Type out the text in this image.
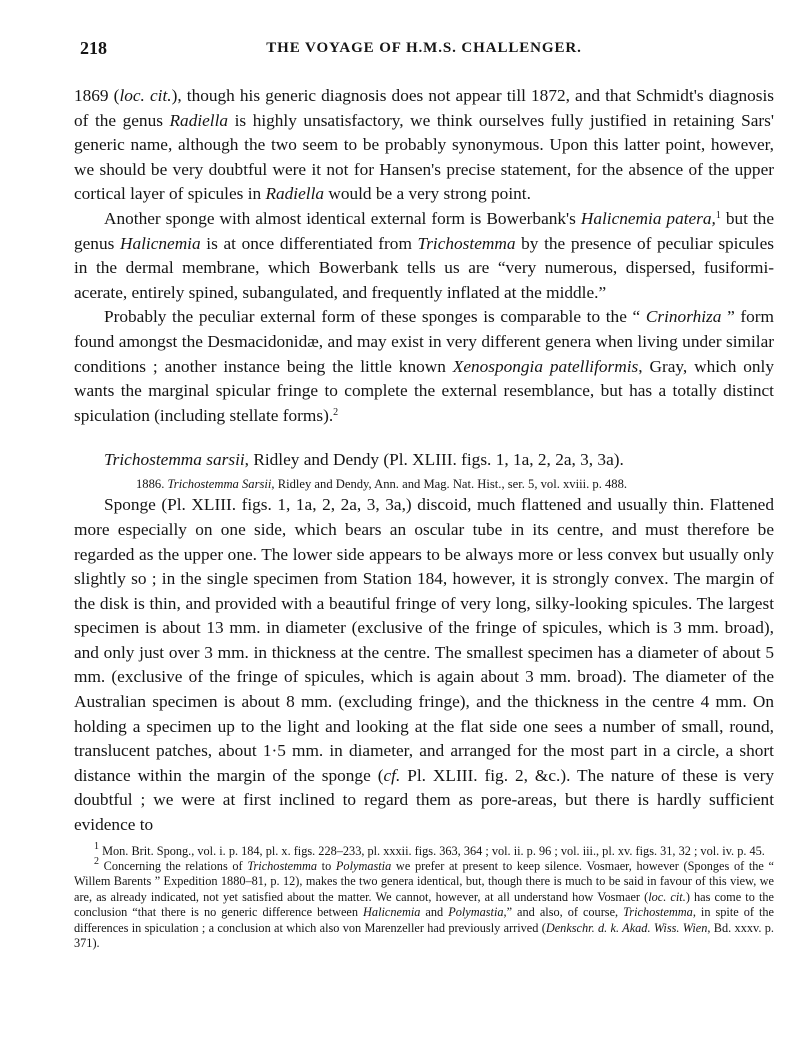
218	THE VOYAGE OF H.M.S. CHALLENGER.

1869 (loc. cit.), though his generic diagnosis does not appear till 1872, and that Schmidt's diagnosis of the genus Radiella is highly unsatisfactory, we think ourselves fully justified in retaining Sars' generic name, although the two seem to be probably synonymous. Upon this latter point, however, we should be very doubtful were it not for Hansen's precise statement, for the absence of the upper cortical layer of spicules in Radiella would be a very strong point.

Another sponge with almost identical external form is Bowerbank's Halicnemia patera,$^1$ but the genus Halicnemia is at once differentiated from Trichostemma by the presence of peculiar spicules in the dermal membrane, which Bowerbank tells us are “very numerous, dispersed, fusiformi-acerate, entirely spined, subangulated, and frequently inflated at the middle.”

Probably the peculiar external form of these sponges is comparable to the “ Crinorhiza ” form found amongst the Desmacidonidæ, and may exist in very different genera when living under similar conditions ; another instance being the little known Xenospongia patelliformis, Gray, which only wants the marginal spicular fringe to complete the external resemblance, but has a totally distinct spiculation (including stellate forms).$^2$

Trichostemma sarsii, Ridley and Dendy (Pl. XLIII. figs. 1, 1a, 2, 2a, 3, 3a).
1886. Trichostemma Sarsii, Ridley and Dendy, Ann. and Mag. Nat. Hist., ser. 5, vol. xviii. p. 488.

Sponge (Pl. XLIII. figs. 1, 1a, 2, 2a, 3, 3a,) discoid, much flattened and usually thin. Flattened more especially on one side, which bears an oscular tube in its centre, and must therefore be regarded as the upper one. The lower side appears to be always more or less convex but usually only slightly so ; in the single specimen from Station 184, however, it is strongly convex. The margin of the disk is thin, and provided with a beautiful fringe of very long, silky-looking spicules. The largest specimen is about 13 mm. in diameter (exclusive of the fringe of spicules, which is 3 mm. broad), and only just over 3 mm. in thickness at the centre. The smallest specimen has a diameter of about 5 mm. (exclusive of the fringe of spicules, which is again about 3 mm. broad). The diameter of the Australian specimen is about 8 mm. (excluding fringe), and the thickness in the centre 4 mm. On holding a specimen up to the light and looking at the flat side one sees a number of small, round, translucent patches, about 1·5 mm. in diameter, and arranged for the most part in a circle, a short distance within the margin of the sponge (cf. Pl. XLIII. fig. 2, &c.). The nature of these is very doubtful ; we were at first inclined to regard them as pore-areas, but there is hardly sufficient evidence to

$^1$ Mon. Brit. Spong., vol. i. p. 184, pl. x. figs. 228–233, pl. xxxii. figs. 363, 364 ; vol. ii. p. 96 ; vol. iii., pl. xv. figs. 31, 32 ; vol. iv. p. 45.

$^2$ Concerning the relations of Trichostemma to Polymastia we prefer at present to keep silence. Vosmaer, however (Sponges of the “ Willem Barents ” Expedition 1880–81, p. 12), makes the two genera identical, but, though there is much to be said in favour of this view, we are, as already indicated, not yet satisfied about the matter. We cannot, however, at all understand how Vosmaer (loc. cit.) has come to the conclusion “that there is no generic difference between Halicnemia and Polymastia,” and also, of course, Trichostemma, in spite of the differences in spiculation ; a conclusion at which also von Marenzeller had previously arrived (Denkschr. d. k. Akad. Wiss. Wien, Bd. xxxv. p. 371).
